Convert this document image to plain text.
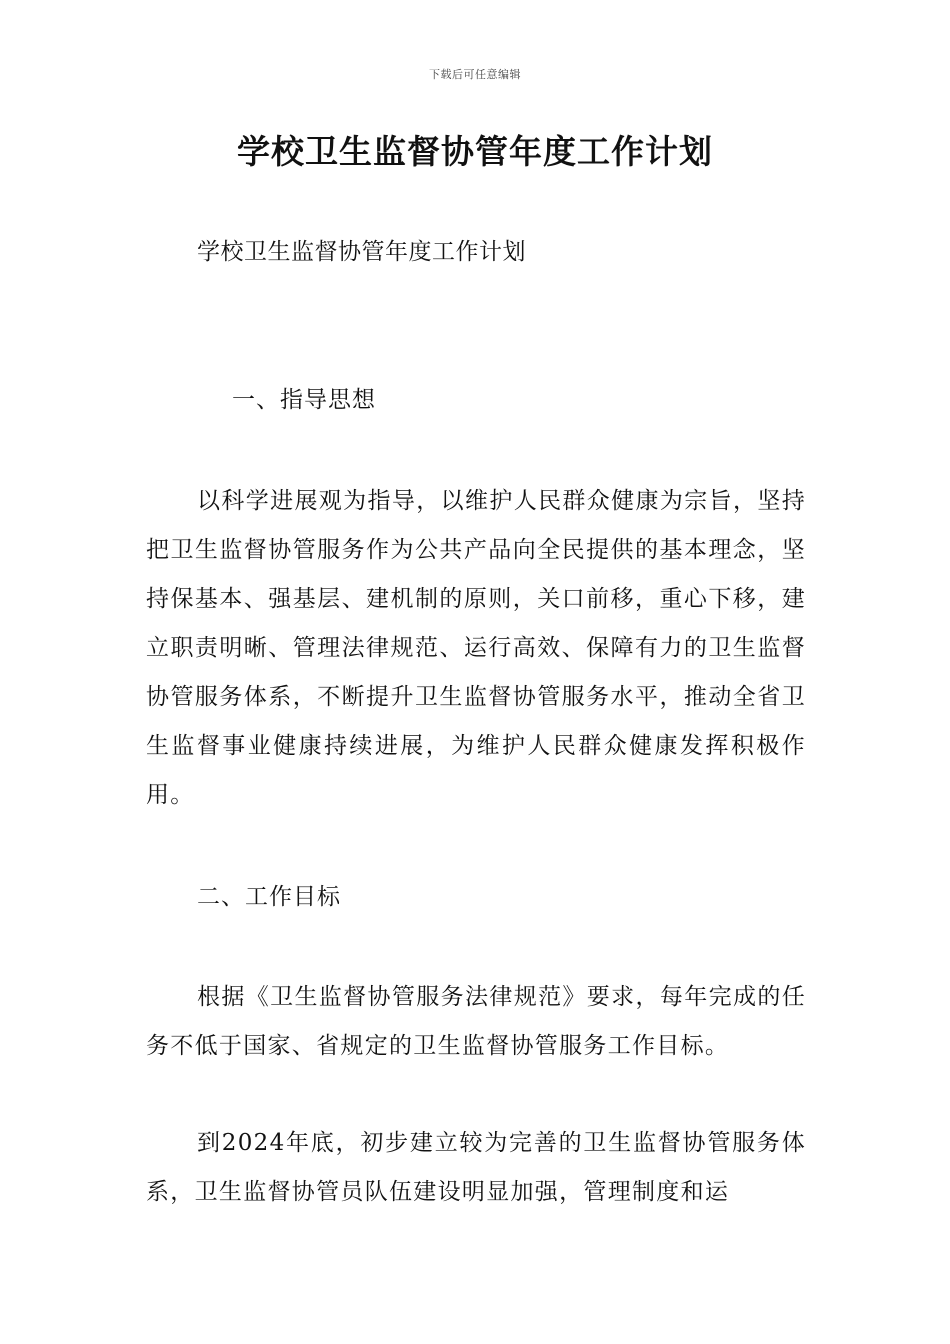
下载后可任意编辑
学校卫生监督协管年度工作计划
学校卫生监督协管年度工作计划
一、指导思想

以科学进展观为指导，以维护人民群众健康为宗旨，坚持把卫生监督协管服务作为公共产品向全民提供的基本理念，坚持保基本、强基层、建机制的原则，关口前移，重心下移，建立职责明晰、管理法律规范、运行高效、保障有力的卫生监督协管服务体系，不断提升卫生监督协管服务水平，推动全省卫生监督事业健康持续进展，为维护人民群众健康发挥积极作用。

二、工作目标

根据《卫生监督协管服务法律规范》要求，每年完成的任务不低于国家、省规定的卫生监督协管服务工作目标。

到2024年底，初步建立较为完善的卫生监督协管服务体系，卫生监督协管员队伍建设明显加强，管理制度和运
